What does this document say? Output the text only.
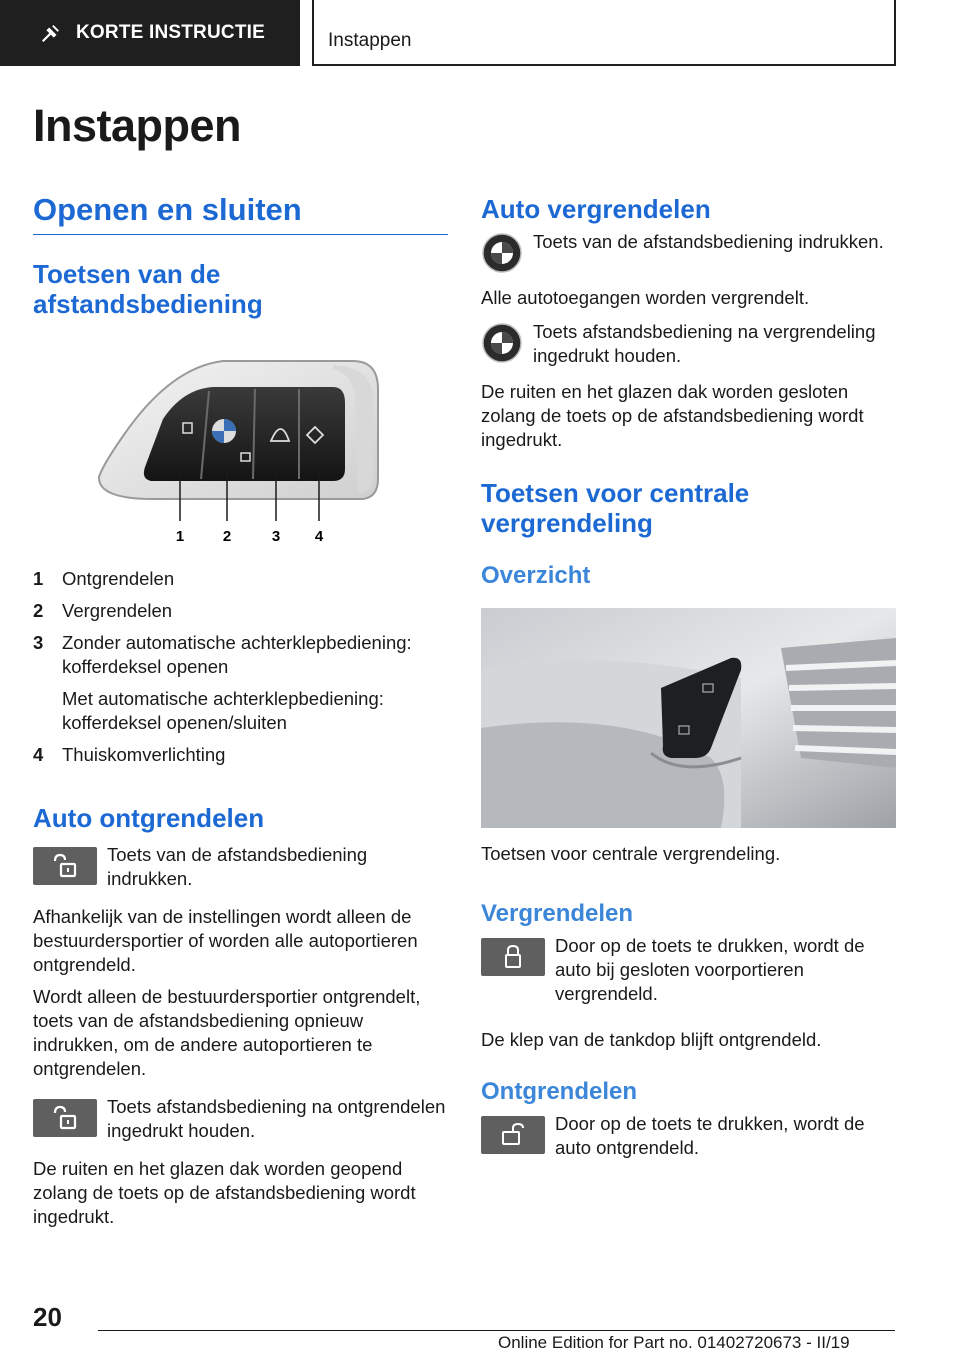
KORTE INSTRUCTIE	Instappen
Instappen
Openen en sluiten
Toetsen van de afstandsbediening
1	2	3 4
1	Ontgrendelen
2	Vergrendelen
3	Zonder automatische achterklepbediening: kofferdeksel openen
Met automatische achterklepbediening: kofferdeksel openen/sluiten
4	Thuiskomverlichting
Auto ontgrendelen

Toets van de afstandsbediening indrukken.

Afhankelijk van de instellingen wordt alleen de bestuurdersportier of worden alle autoportieren ontgrendeld.

Wordt alleen de bestuurdersportier ontgrendelt, toets van de afstandsbediening opnieuw indrukken, om de andere autoportieren te ontgrendelen.

Toets afstandsbediening na ontgrendelen ingedrukt houden.

De ruiten en het glazen dak worden geopend zolang de toets op de afstandsbediening wordt ingedrukt.

Auto vergrendelen

Toets van de afstandsbediening indrukken.

Alle autotoegangen worden vergrendelt.

Toets afstandsbediening na vergrendeling ingedrukt houden.

De ruiten en het glazen dak worden gesloten zolang de toets op de afstandsbediening wordt ingedrukt.

Toetsen voor centrale vergrendeling
Overzicht

Toetsen voor centrale vergrendeling.

Vergrendelen

Door op de toets te drukken, wordt de auto bij gesloten voorportieren vergrendeld.

De klep van de tankdop blijft ontgrendeld.

Ontgrendelen

Door op de toets te drukken, wordt de auto ontgrendeld.

20
Online Edition for Part no. 01402720673 - II/19
